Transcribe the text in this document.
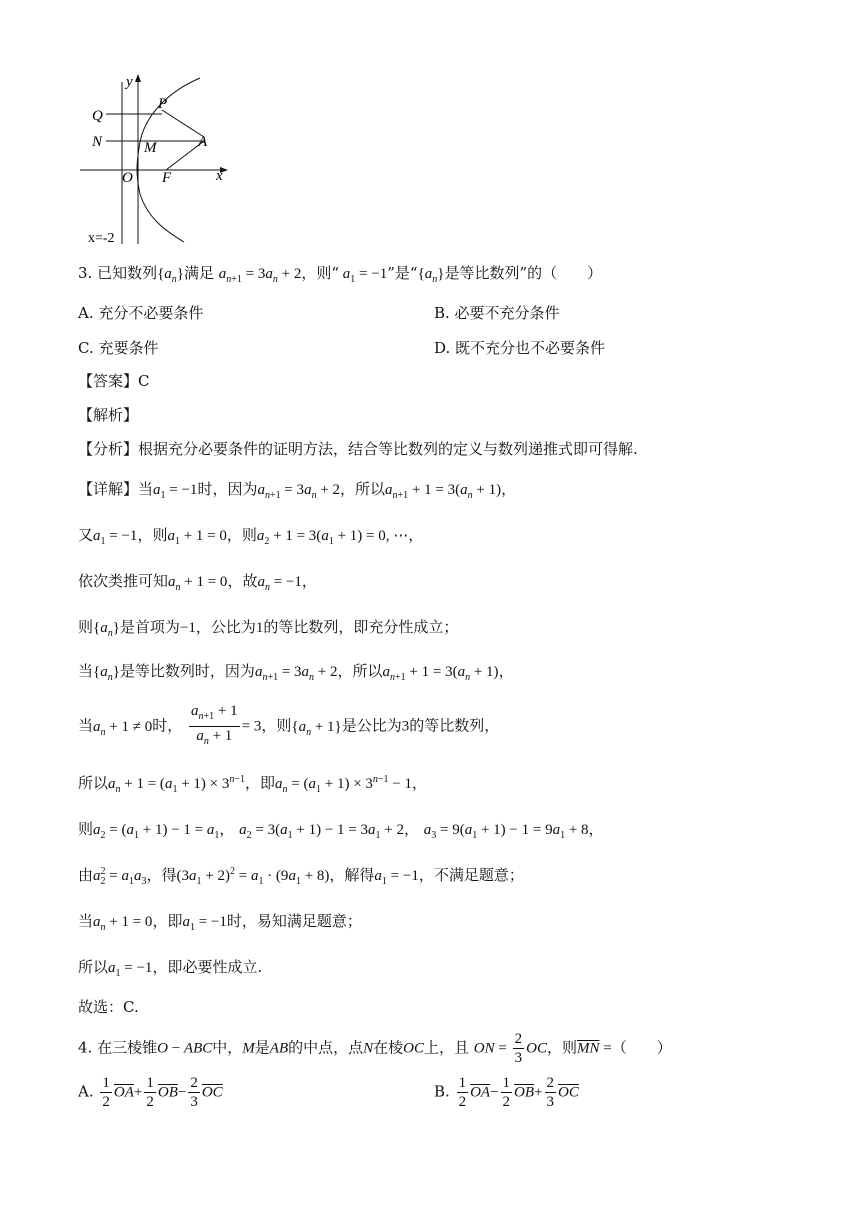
y
x
P
Q
N	M	A
O F
x=-2
3. 已知数列$\{a_n\}$满足 $a_{n+1} = 3a_n + 2$，则“ $a_1 = -1$”是“$\{a_n\}$是等比数列”的（　　）
A. 充分不必要条件	B. 必要不充分条件
C. 充要条件	D. 既不充分也不必要条件
【答案】C
【解析】
【分析】根据充分必要条件的证明方法，结合等比数列的定义与数列递推式即可得解.
【详解】当$a_1 = -1$时，因为$a_{n+1} = 3a_n + 2$，所以$a_{n+1} + 1 = 3(a_n + 1)$，
又$a_1 = -1$，则$a_1 + 1 = 0$，则$a_2 + 1 = 3(a_1 + 1) = 0$, ⋯，
依次类推可知$a_n + 1 = 0$，故$a_n = -1$，
则$\{a_n\}$是首项为−1，公比为1的等比数列，即充分性成立；
当$\{a_n\}$是等比数列时，因为$a_{n+1} = 3a_n + 2$，所以$a_{n+1} + 1 = 3(a_n + 1)$，
当$a_n + 1 \ne 0$时， $\frac{a_{n+1} + 1}{a_n + 1} = 3$，则$\{a_n + 1\}$是公比为3的等比数列，
所以$a_n + 1 = (a_1 + 1) \times 3^{n-1}$，即$a_n = (a_1 + 1) \times 3^{n-1} - 1$，
则$a_2 = (a_1 + 1) - 1 = a_1$， $a_2 = 3(a_1 + 1) - 1 = 3a_1 + 2$， $a_3 = 9(a_1 + 1) - 1 = 9a_1 + 8$，
由$a_2^2 = a_1a_3$，得$(3a_1 + 2)^2 = a_1 \cdot (9a_1 + 8)$，解得$a_1 = -1$，不满足题意；
当$a_n + 1 = 0$，即$a_1 = -1$时，易知满足题意；
所以$a_1 = -1$，即必要性成立.
故选：C.
4. 在三棱锥O − ABC中，M是AB的中点，点N在棱OC上，且 ON = $\frac{2}{3}$ OC，则$\overline{MN}$ =（　　）
A. $\frac{1}{2} \overline{OA}+ \frac{1}{2} \overline{OB}- \frac{2}{3} \overline{OC}$	B. $\frac{1}{2} \overline{OA}- \frac{1}{2} \overline{OB}+ \frac{2}{3} \overline{OC}$
